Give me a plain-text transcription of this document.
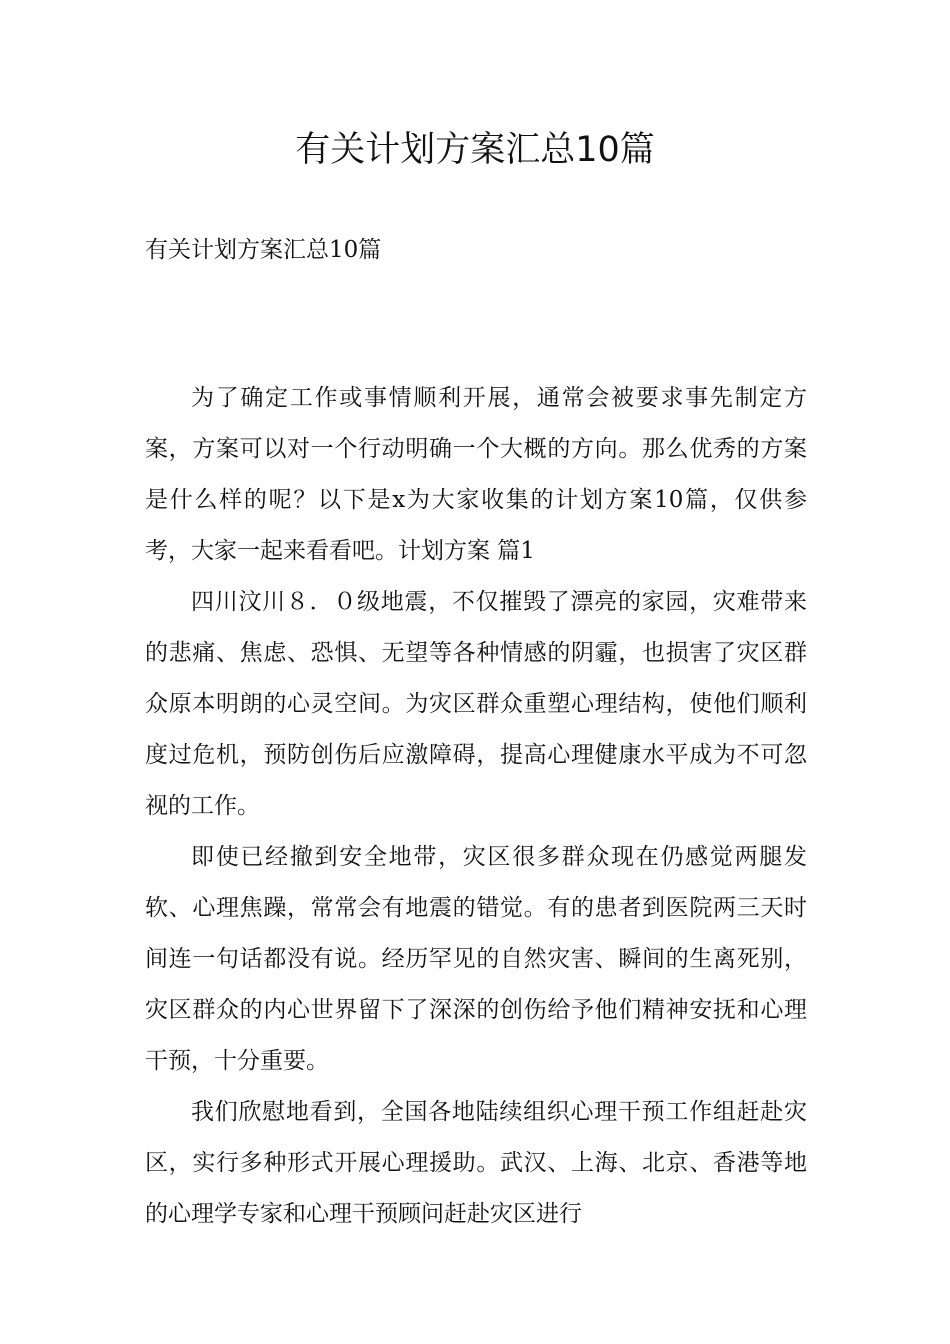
有关计划方案汇总10篇

有关计划方案汇总10篇

为了确定工作或事情顺利开展，通常会被要求事先制定方案，方案可以对一个行动明确一个大概的方向。那么优秀的方案是什么样的呢？以下是x为大家收集的计划方案10篇，仅供参考，大家一起来看看吧。计划方案 篇1

四川汶川８．０级地震，不仅摧毁了漂亮的家园，灾难带来的悲痛、焦虑、恐惧、无望等各种情感的阴霾，也损害了灾区群众原本明朗的心灵空间。为灾区群众重塑心理结构，使他们顺利度过危机，预防创伤后应激障碍，提高心理健康水平成为不可忽视的工作。

即使已经撤到安全地带，灾区很多群众现在仍感觉两腿发软、心理焦躁，常常会有地震的错觉。有的患者到医院两三天时间连一句话都没有说。经历罕见的自然灾害、瞬间的生离死别，灾区群众的内心世界留下了深深的创伤给予他们精神安抚和心理干预，十分重要。

我们欣慰地看到，全国各地陆续组织心理干预工作组赶赴灾区，实行多种形式开展心理援助。武汉、上海、北京、香港等地的心理学专家和心理干预顾问赶赴灾区进行
